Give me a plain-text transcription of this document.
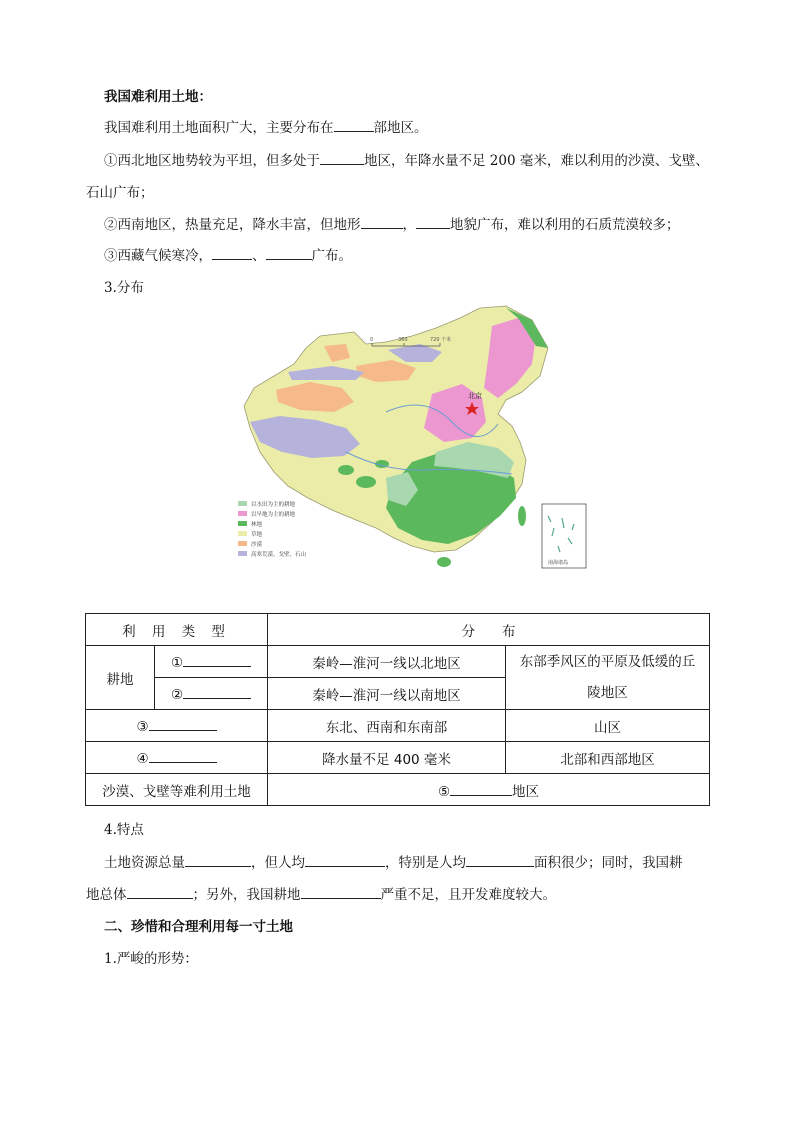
我国难利用土地：
我国难利用土地面积广大，主要分布在	部地区。
①西北地区地势较为平坦，但多处于	地区，年降水量不足 200 毫米，难以利用的沙漠、戈壁、
石山广布；
②西南地区，热量充足，降水丰富，但地形	，	地貌广布，难以利用的石质荒漠较多；
③西藏气候寒冷，	、	广布。
3.分布
北京
0	360	720 千米
南海诸岛
以水田为主的耕地
以旱地为主的耕地
林地
草地
沙漠
高寒荒漠、戈壁、石山
利 用 类 型		分　　布	
耕地	①	秦岭—淮河一线以北地区	东部季风区的平原及低缓的丘
陵地区
	②	秦岭—淮河一线以南地区	
③		东北、西南和东南部	山区
④		降水量不足 400 毫米	北部和西部地区
沙漠、戈壁等难利用土地		⑤ 地区	
4.特点
土地资源总量	，但人均	，特别是人均	面积很少；同时，我国耕
地总体	；另外，我国耕地	严重不足，且开发难度较大。
二、珍惜和合理利用每一寸土地
1.严峻的形势：
